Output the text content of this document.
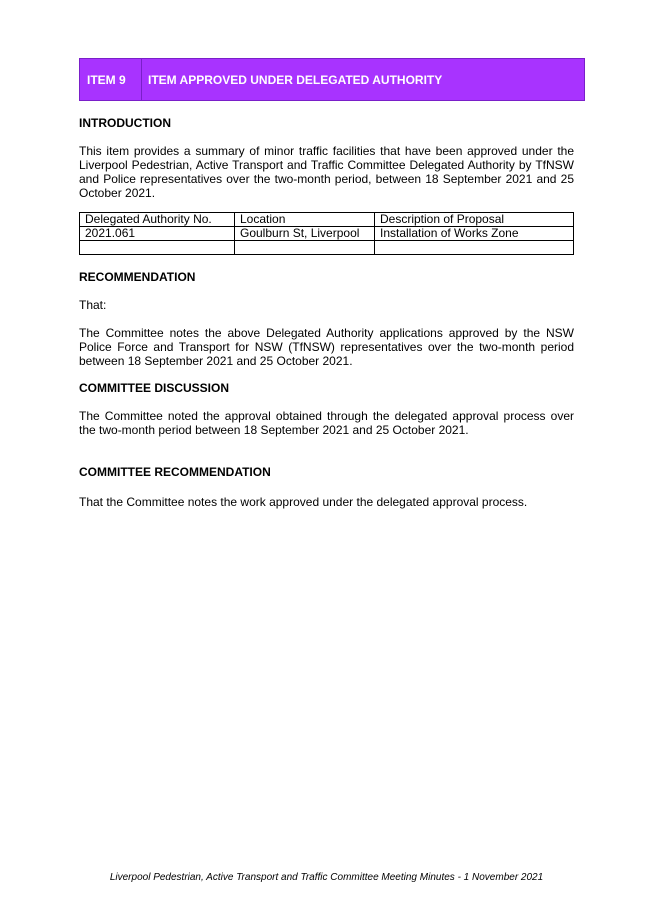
ITEM 9	ITEM APPROVED UNDER DELEGATED AUTHORITY
INTRODUCTION
This item provides a summary of minor traffic facilities that have been approved under the Liverpool Pedestrian, Active Transport and Traffic Committee Delegated Authority by TfNSW and Police representatives over the two-month period, between 18 September 2021 and 25 October 2021.
Delegated Authority No.	Location	Description of Proposal
2021.061	Goulburn St, Liverpool	Installation of Works Zone

RECOMMENDATION
That:
The Committee notes the above Delegated Authority applications approved by the NSW Police Force and Transport for NSW (TfNSW) representatives over the two-month period between 18 September 2021 and 25 October 2021.
COMMITTEE DISCUSSION
The Committee noted the approval obtained through the delegated approval process over the two-month period between 18 September 2021 and 25 October 2021.
COMMITTEE RECOMMENDATION
That the Committee notes the work approved under the delegated approval process.
Liverpool Pedestrian, Active Transport and Traffic Committee Meeting Minutes - 1 November 2021
